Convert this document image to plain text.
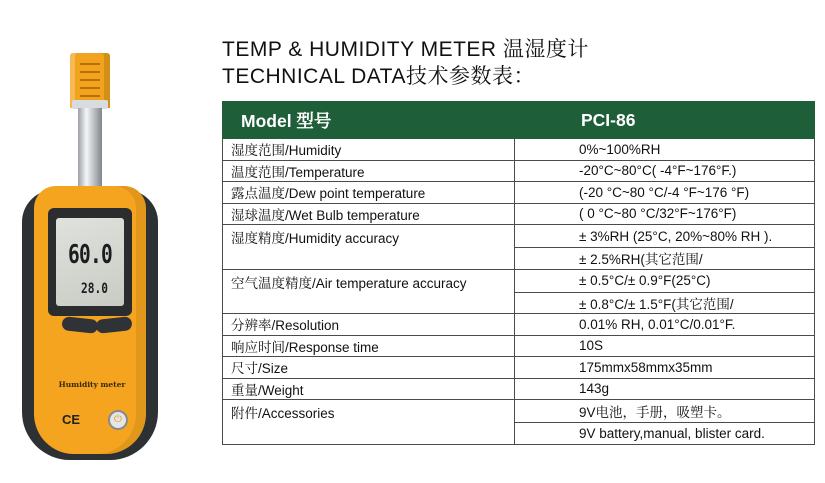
60.0
28.0
Humidity meter
CE	⏻
TEMP & HUMIDITY METER 温湿度计
TECHNICAL DATA技术参数表：
Model 型号	PCI-86
湿度范围/Humidity	0%~100%RH
温度范围/Temperature	-20°C~80°C( -4°F~176°F.)
露点温度/Dew point temperature	(-20 °C~80 °C/-4 °F~176 °F)
湿球温度/Wet Bulb temperature	( 0 °C~80 °C/32°F~176°F)
湿度精度/Humidity accuracy	± 3%RH (25°C, 20%~80% RH ).
	± 2.5%RH(其它范围/
空气温度精度/Air temperature accuracy	± 0.5°C/± 0.9°F(25°C)
	± 0.8°C/± 1.5°F(其它范围/
分辨率/Resolution	0.01% RH, 0.01°C/0.01°F.
响应时间/Response time	10S
尺寸/Size	175mmx58mmx35mm
重量/Weight	143g
附件/Accessories	9V电池，手册，吸塑卡。
	9V battery,manual, blister card.
